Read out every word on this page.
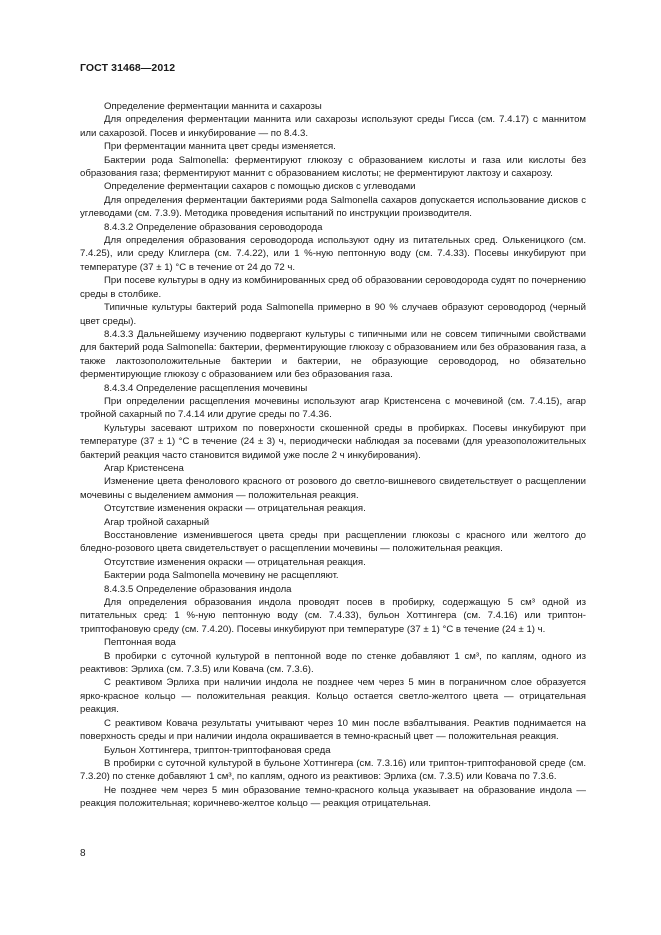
ГОСТ 31468—2012

Определение ферментации маннита и сахарозы

Для определения ферментации маннита или сахарозы используют среды Гисса (см. 7.4.17) с маннитом или сахарозой. Посев и инкубирование — по 8.4.3.

При ферментации маннита цвет среды изменяется.

Бактерии рода Salmonella: ферментируют глюкозу с образованием кислоты и газа или кислоты без образования газа; ферментируют маннит с образованием кислоты; не ферментируют лактозу и сахарозу.

Определение ферментации сахаров с помощью дисков с углеводами

Для определения ферментации бактериями рода Salmonella сахаров допускается использование дисков с углеводами (см. 7.3.9). Методика проведения испытаний по инструкции производителя.

8.4.3.2 Определение образования сероводорода

Для определения образования сероводорода используют одну из питательных сред. Олькеницкого (см. 7.4.25), или среду Клиглера (см. 7.4.22), или 1 %-ную пептонную воду (см. 7.4.33). Посевы инкубируют при температуре (37 ± 1) °С в течение от 24 до 72 ч.

При посеве культуры в одну из комбинированных сред об образовании сероводорода судят по почернению среды в столбике.

Типичные культуры бактерий рода Salmonella примерно в 90 % случаев образуют сероводород (черный цвет среды).

8.4.3.3 Дальнейшему изучению подвергают культуры с типичными или не совсем типичными свойствами для бактерий рода Salmonella: бактерии, ферментирующие глюкозу с образованием или без образования газа, а также лактозоположительные бактерии и бактерии, не образующие сероводород, но обязательно ферментирующие глюкозу с образованием или без образования газа.

8.4.3.4 Определение расщепления мочевины

При определении расщепления мочевины используют агар Кристенсена с мочевиной (см. 7.4.15), агар тройной сахарный по 7.4.14 или другие среды по 7.4.36.

Культуры засевают штрихом по поверхности скошенной среды в пробирках. Посевы инкубируют при температуре (37 ± 1) °С в течение (24 ± 3) ч, периодически наблюдая за посевами (для уреазоположительных бактерий реакция часто становится видимой уже после 2 ч инкубирования).

Агар Кристенсена

Изменение цвета фенолового красного от розового до светло-вишневого свидетельствует о расщеплении мочевины с выделением аммония — положительная реакция.

Отсутствие изменения окраски — отрицательная реакция.

Агар тройной сахарный

Восстановление изменившегося цвета среды при расщеплении глюкозы с красного или желтого до бледно-розового цвета свидетельствует о расщеплении мочевины — положительная реакция.

Отсутствие изменения окраски — отрицательная реакция.

Бактерии рода Salmonella мочевину не расщепляют.

8.4.3.5 Определение образования индола

Для определения образования индола проводят посев в пробирку, содержащую 5 см³ одной из питательных сред: 1 %-ную пептонную воду (см. 7.4.33), бульон Хоттингера (см. 7.4.16) или триптон-триптофановую среду (см. 7.4.20). Посевы инкубируют при температуре (37 ± 1) °С в течение (24 ± 1) ч.

Пептонная вода

В пробирки с суточной культурой в пептонной воде по стенке добавляют 1 см³, по каплям, одного из реактивов: Эрлиха (см. 7.3.5) или Ковача (см. 7.3.6).

С реактивом Эрлиха при наличии индола не позднее чем через 5 мин в пограничном слое образуется ярко-красное кольцо — положительная реакция. Кольцо остается светло-желтого цвета — отрицательная реакция.

С реактивом Ковача результаты учитывают через 10 мин после взбалтывания. Реактив поднимается на поверхность среды и при наличии индола окрашивается в темно-красный цвет — положительная реакция.

Бульон Хоттингера, триптон-триптофановая среда

В пробирки с суточной культурой в бульоне Хоттингера (см. 7.3.16) или триптон-триптофановой среде (см. 7.3.20) по стенке добавляют 1 см³, по каплям, одного из реактивов: Эрлиха (см. 7.3.5) или Ковача по 7.3.6.

Не позднее чем через 5 мин образование темно-красного кольца указывает на образование индола — реакция положительная; коричнево-желтое кольцо — реакция отрицательная.

8
